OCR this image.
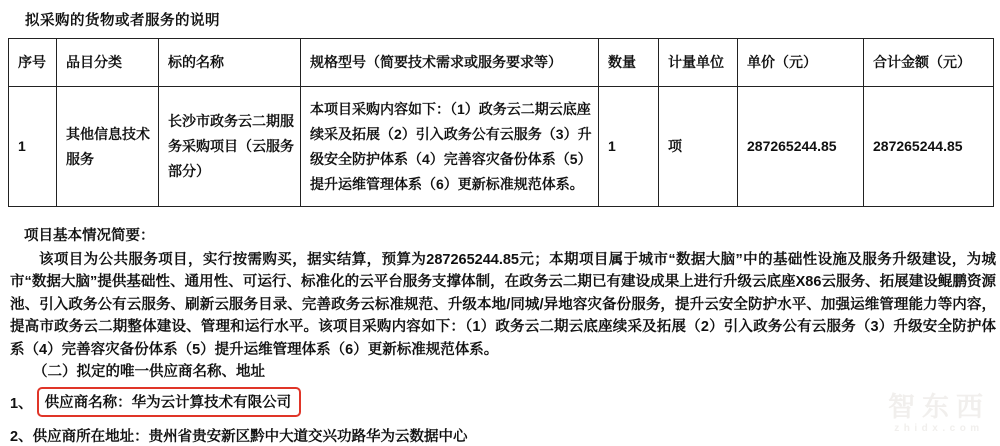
拟采购的货物或者服务的说明
序号	品目分类	标的名称	规格型号（简要技术需求或服务要求等）	数量	计量单位	单价（元）	合计金额（元）
1	其他信息技术服务	长沙市政务云二期服务采购项目（云服务部分）	本项目采购内容如下：（1）政务云二期云底座续采及拓展（2）引入政务公有云服务（3）升级安全防护体系（4）完善容灾备份体系（5）提升运维管理体系（6）更新标准规范体系。	1	项	287265244.85	287265244.85
项目基本情况简要：
该项目为公共服务项目，实行按需购买，据实结算，预算为287265244.85元；本期项目属于城市“数据大脑”中的基础性设施及服务升级建设，为城市“数据大脑”提供基础性、通用性、可运行、标准化的云平台服务支撑体制，在政务云二期已有建设成果上进行升级云底座X86云服务、拓展建设鲲鹏资源池、引入政务公有云服务、刷新云服务目录、完善政务云标准规范、升级本地/同城/异地容灾备份服务，提升云安全防护水平、加强运维管理能力等内容，提高市政务云二期整体建设、管理和运行水平。该项目采购内容如下：（1）政务云二期云底座续采及拓展（2）引入政务公有云服务（3）升级安全防护体系（4）完善容灾备份体系（5）提升运维管理体系（6）更新标准规范体系。
（二）拟定的唯一供应商名称、地址
1、 供应商名称：华为云计算技术有限公司
2、供应商所在地址：贵州省贵安新区黔中大道交兴功路华为云数据中心
智东西
zhidx.com
